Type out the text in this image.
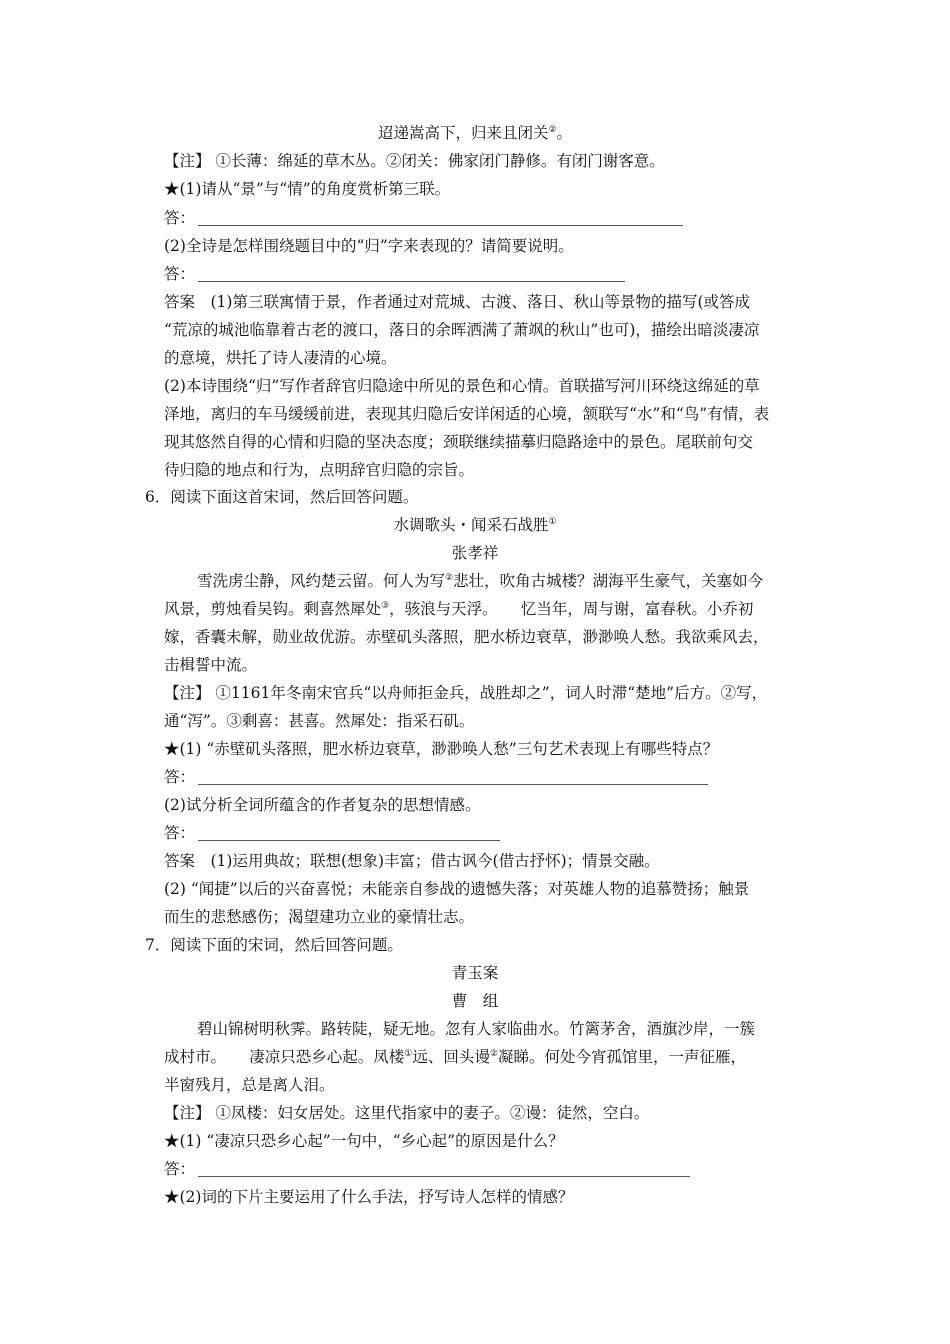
迢递嵩高下，归来且闭关②。
【注】 ①长薄：绵延的草木丛。②闭关：佛家闭门静修。有闭门谢客意。
★(1)请从“景”与“情”的角度赏析第三联。
答：
(2)全诗是怎样围绕题目中的“归”字来表现的？请简要说明。
答：
答案　(1)第三联寓情于景，作者通过对荒城、古渡、落日、秋山等景物的描写(或答成
“荒凉的城池临靠着古老的渡口，落日的余晖洒满了萧飒的秋山”也可)，描绘出暗淡凄凉
的意境，烘托了诗人凄清的心境。
(2)本诗围绕“归”写作者辞官归隐途中所见的景色和心情。首联描写河川环绕这绵延的草
泽地，离归的车马缓缓前进，表现其归隐后安详闲适的心境，颔联写“水”和“鸟”有情，表
现其悠然自得的心情和归隐的坚决态度；颈联继续描摹归隐路途中的景色。尾联前句交
待归隐的地点和行为，点明辞官归隐的宗旨。
6．阅读下面这首宋词，然后回答问题。
水调歌头・闻采石战胜①
张孝祥
雪洗虏尘静，风约楚云留。何人为写②悲壮，吹角古城楼？湖海平生豪气，关塞如今
风景，剪烛看吴钩。剩喜然犀处③，骇浪与天浮。　　忆当年，周与谢，富春秋。小乔初
嫁，香囊未解，勋业故优游。赤壁矶头落照，肥水桥边衰草，渺渺唤人愁。我欲乘风去，
击楫誓中流。
【注】 ①1161年冬南宋官兵“以舟师拒金兵，战胜却之”，词人时滞“楚地”后方。②写，
通“泻”。③剩喜：甚喜。然犀处：指采石矶。
★(1) “赤壁矶头落照，肥水桥边衰草，渺渺唤人愁”三句艺术表现上有哪些特点？
答：
(2)试分析全词所蕴含的作者复杂的思想情感。
答：
答案　(1)运用典故；联想(想象)丰富；借古讽今(借古抒怀)；情景交融。
(2) “闻捷”以后的兴奋喜悦；未能亲自参战的遗憾失落；对英雄人物的追慕赞扬；触景
而生的悲愁感伤；渴望建功立业的豪情壮志。
7．阅读下面的宋词，然后回答问题。
青玉案
曹　组
碧山锦树明秋霁。路转陡，疑无地。忽有人家临曲水。竹篱茅舍，酒旗沙岸，一簇
成村市。　　凄凉只恐乡心起。凤楼①远、回头谩②凝睇。何处今宵孤馆里，一声征雁，
半窗残月，总是离人泪。
【注】 ①凤楼：妇女居处。这里代指家中的妻子。②谩：徒然，空白。
★(1) “凄凉只恐乡心起”一句中，“乡心起”的原因是什么？
答：
★(2)词的下片主要运用了什么手法，抒写诗人怎样的情感？
